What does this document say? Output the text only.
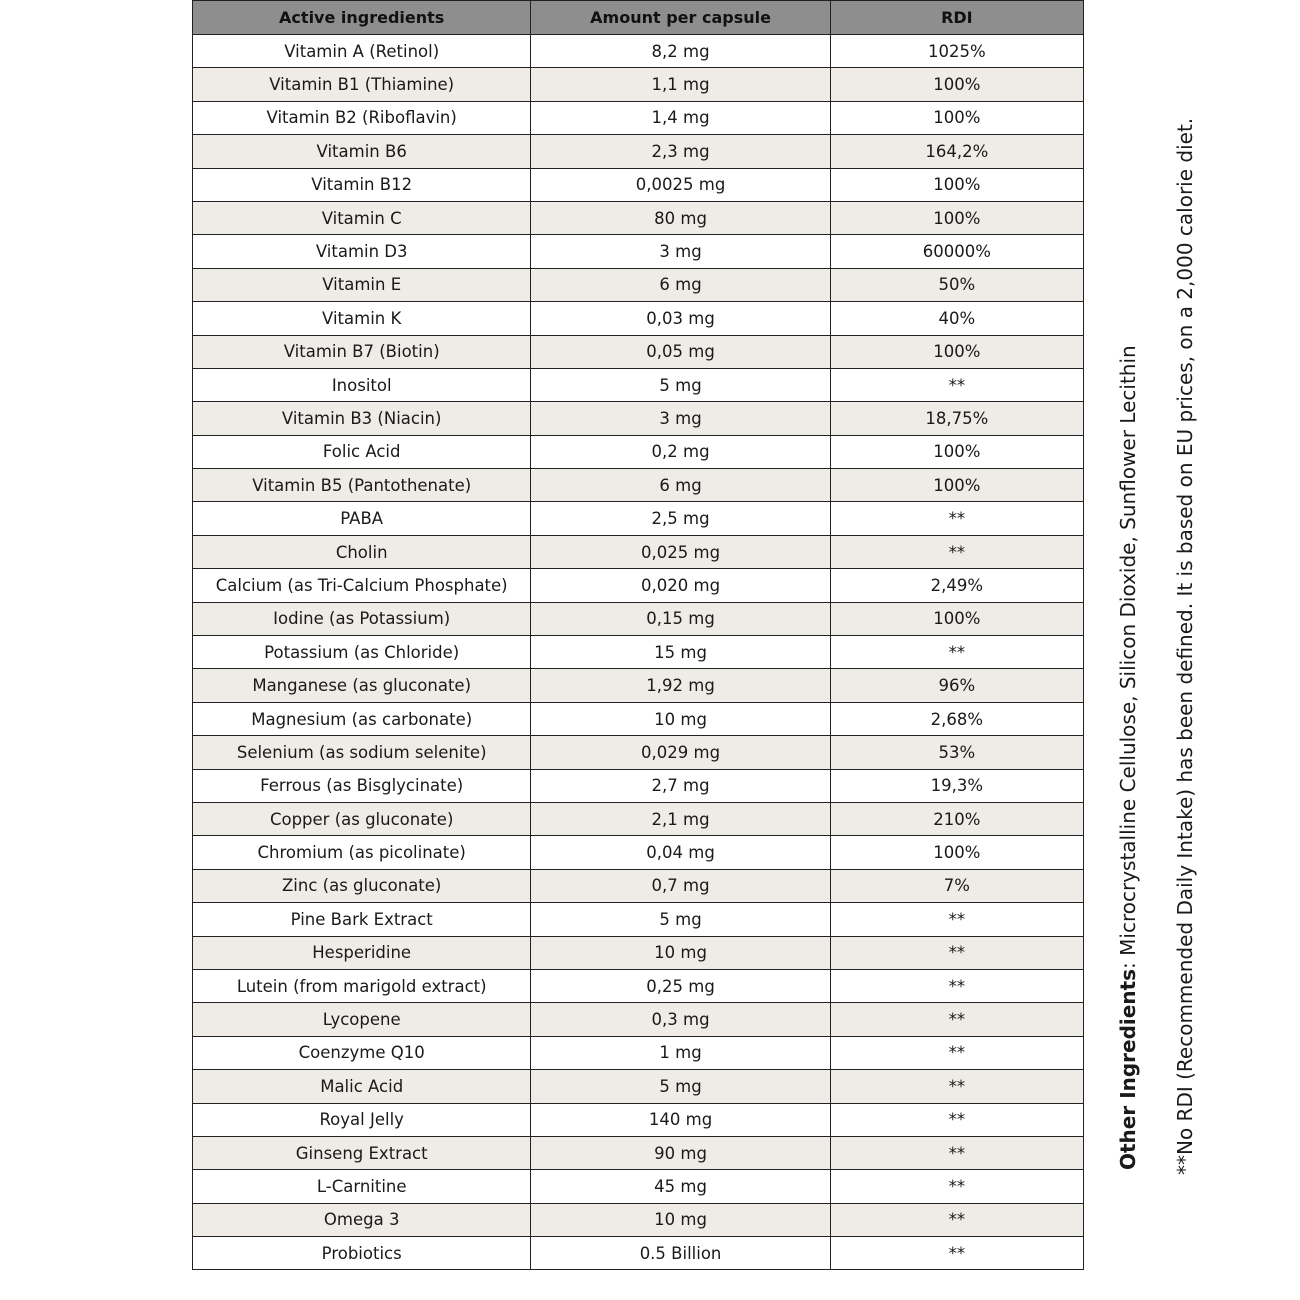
Active ingredients	Amount per capsule	RDI
Vitamin A (Retinol)	8,2 mg	1025%
Vitamin B1 (Thiamine)	1,1 mg	100%
Vitamin B2 (Riboflavin)	1,4 mg	100%
Vitamin B6	2,3 mg	164,2%
Vitamin B12	0,0025 mg	100%
Vitamin C	80 mg	100%
Vitamin D3	3 mg	60000%
Vitamin E	6 mg	50%
Vitamin K	0,03 mg	40%
Vitamin B7 (Biotin)	0,05 mg	100%
Inositol	5 mg	**
Vitamin B3 (Niacin)	3 mg	18,75%
Folic Acid	0,2 mg	100%
Vitamin B5 (Pantothenate)	6 mg	100%
PABA	2,5 mg	**
Cholin	0,025 mg	**
Calcium (as Tri-Calcium Phosphate)	0,020 mg	2,49%
Iodine (as Potassium)	0,15 mg	100%
Potassium (as Chloride)	15 mg	**
Manganese (as gluconate)	1,92 mg	96%
Magnesium (as carbonate)	10 mg	2,68%
Selenium (as sodium selenite)	0,029 mg	53%
Ferrous (as Bisglycinate)	2,7 mg	19,3%
Copper (as gluconate)	2,1 mg	210%
Chromium (as picolinate)	0,04 mg	100%
Zinc (as gluconate)	0,7 mg	7%
Pine Bark Extract	5 mg	**
Hesperidine	10 mg	**
Lutein (from marigold extract)	0,25 mg	**
Lycopene	0,3 mg	**
Coenzyme Q10	1 mg	**
Malic Acid	5 mg	**
Royal Jelly	140 mg	**
Ginseng Extract	90 mg	**
L-Carnitine	45 mg	**
Omega 3	10 mg	**
Probiotics	0.5 Billion	**
Other Ingredients: Microcrystalline Cellulose, Silicon Dioxide, Sunflower Lecithin **No RDI (Recommended Daily Intake) has been defined. It is based on EU prices, on a 2,000 calorie diet.
